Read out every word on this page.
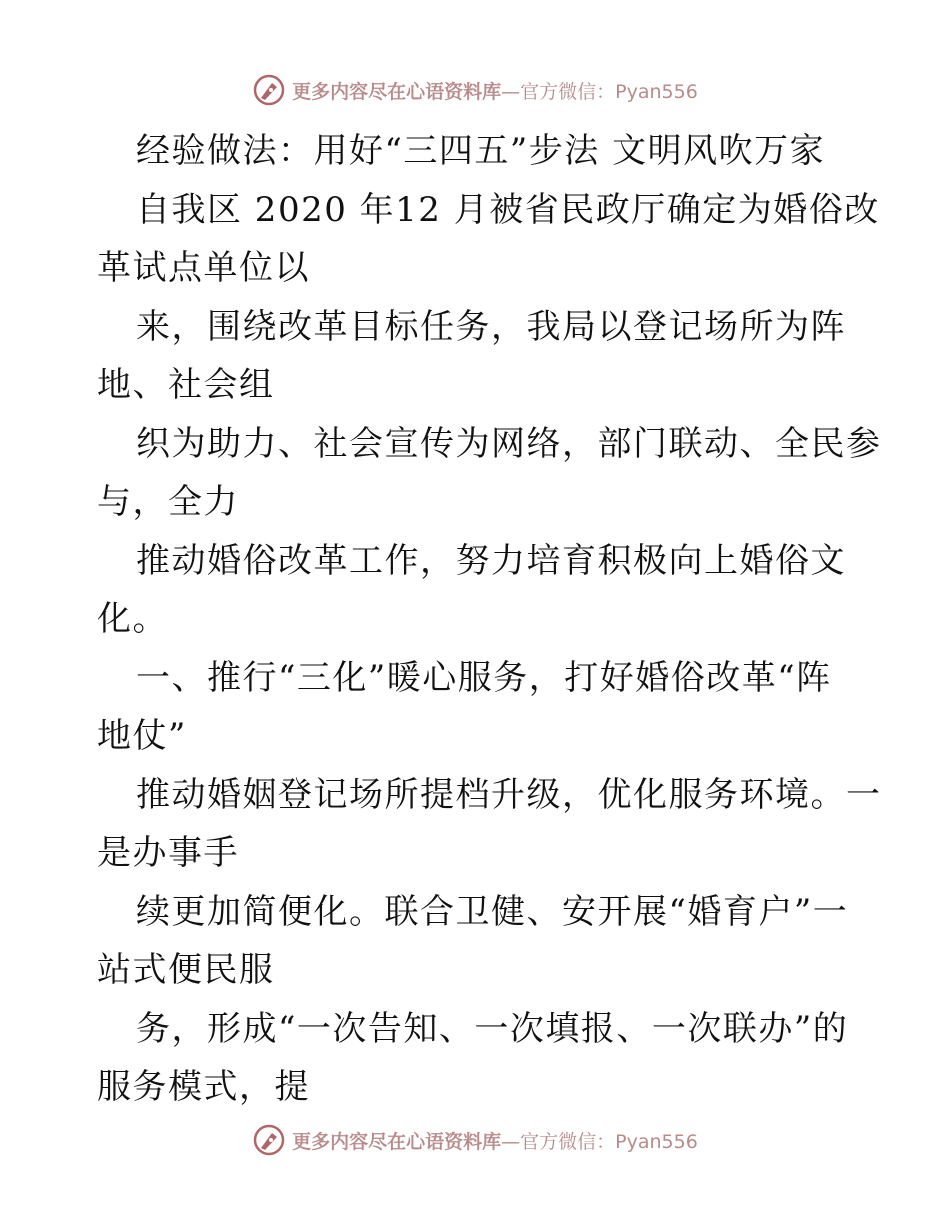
更多内容尽在心语资料库—官方微信：Pyan556
经验做法：用好“三四五”步法 文明风吹万家
自我区 2020 年12 月被省民政厅确定为婚俗改
革试点单位以
来，围绕改革目标任务，我局以登记场所为阵
地、社会组
织为助力、社会宣传为网络，部门联动、全民参
与，全力
推动婚俗改革工作，努力培育积极向上婚俗文
化。
一、推行“三化”暖心服务，打好婚俗改革“阵
地仗”
推动婚姻登记场所提档升级，优化服务环境。一
是办事手
续更加简便化。联合卫健、安开展“婚育户”一
站式便民服
务，形成“一次告知、一次填报、一次联办”的
服务模式，提
更多内容尽在心语资料库—官方微信：Pyan556
